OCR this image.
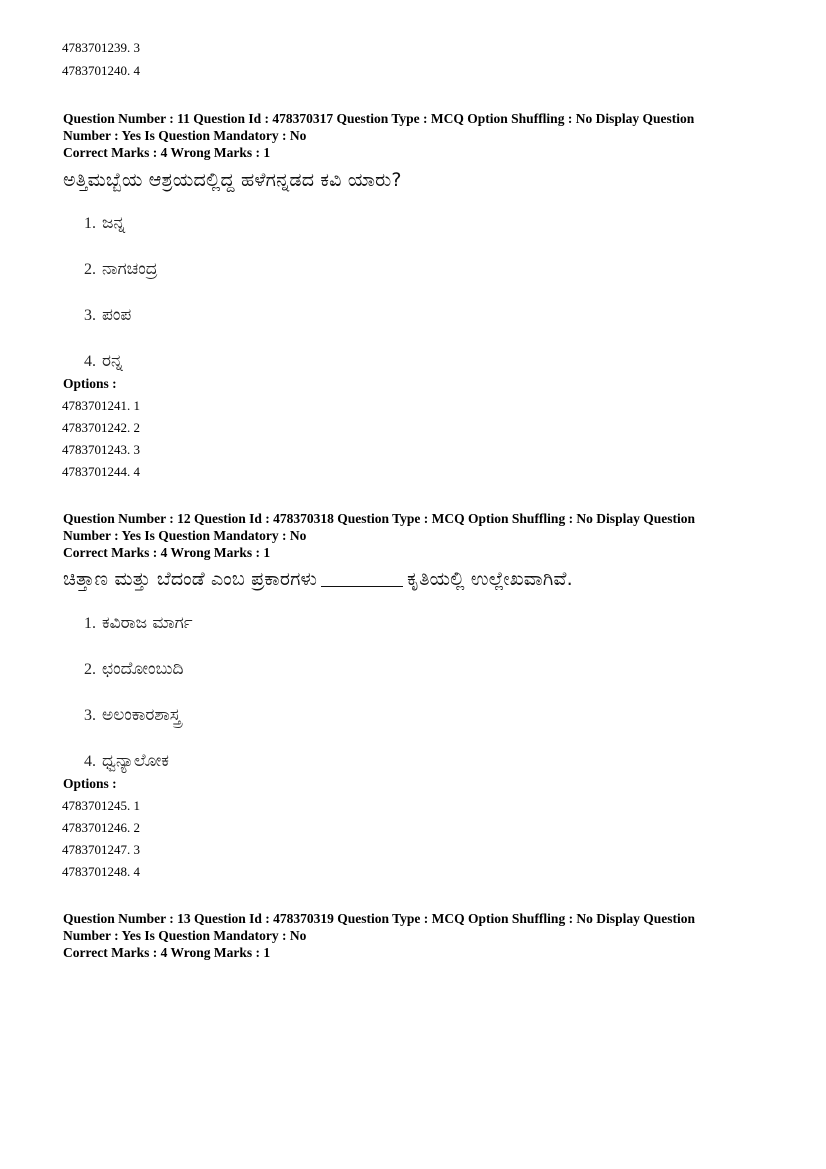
4783701239. 3
4783701240. 4
Question Number : 11 Question Id : 478370317 Question Type : MCQ Option Shuffling : No Display Question
Number : Yes Is Question Mandatory : No
Correct Marks : 4 Wrong Marks : 1
ಅತ್ತಿಮಬ್ಬೆಯ ಆಶ್ರಯದಲ್ಲಿದ್ದ ಹಳೆಗನ್ನಡದ ಕವಿ ಯಾರು?
1. ಜನ್ನ
2. ನಾಗಚಂದ್ರ
3. ಪಂಪ
4. ರನ್ನ
Options :
4783701241. 1
4783701242. 2
4783701243. 3
4783701244. 4
Question Number : 12 Question Id : 478370318 Question Type : MCQ Option Shuffling : No Display Question
Number : Yes Is Question Mandatory : No
Correct Marks : 4 Wrong Marks : 1
ಚಿತ್ತಾಣ ಮತ್ತು ಬೆದಂಡೆ ಎಂಬ ಪ್ರಕಾರಗಳು	ಕೃತಿಯಲ್ಲಿ ಉಲ್ಲೇಖವಾಗಿವೆ.
1. ಕವಿರಾಜ ಮಾರ್ಗ
2. ಛಂದೋಂಬುದಿ
3. ಅಲಂಕಾರಶಾಸ್ತ್ರ
4. ಧ್ವನ್ಯಾಲೋಕ
Options :
4783701245. 1
4783701246. 2
4783701247. 3
4783701248. 4
Question Number : 13 Question Id : 478370319 Question Type : MCQ Option Shuffling : No Display Question
Number : Yes Is Question Mandatory : No
Correct Marks : 4 Wrong Marks : 1
